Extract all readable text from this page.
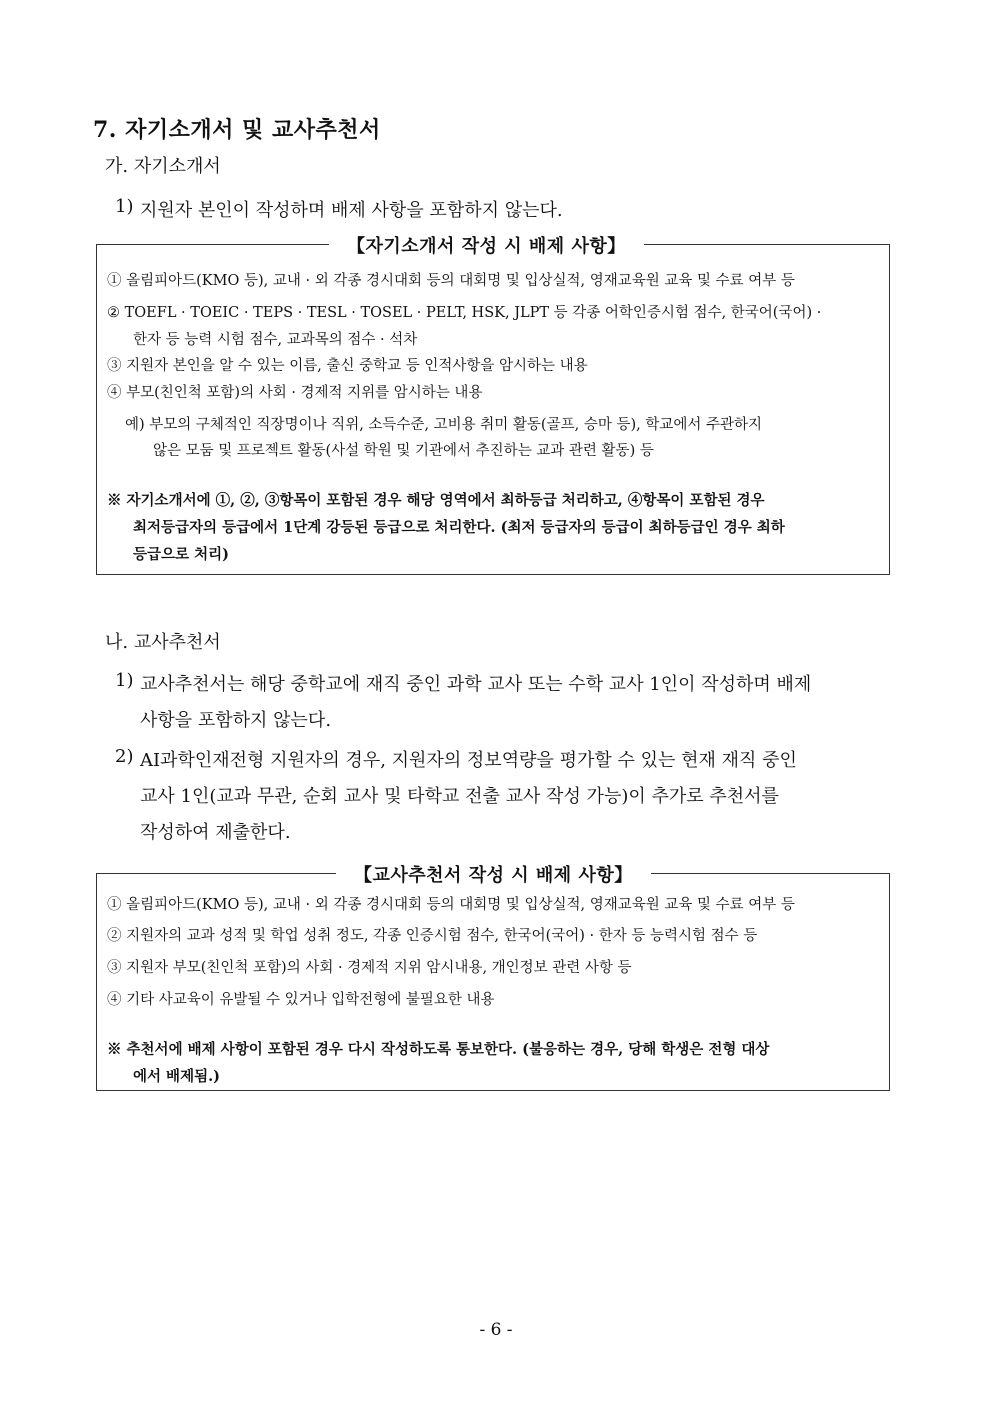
7. 자기소개서 및 교사추천서
가. 자기소개서
1) 지원자 본인이 작성하며 배제 사항을 포함하지 않는다.
【자기소개서 작성 시 배제 사항】
① 올림피아드(KMO 등), 교내 · 외 각종 경시대회 등의 대회명 및 입상실적, 영재교육원 교육 및 수료 여부 등
② TOEFL · TOEIC · TEPS · TESL · TOSEL · PELT, HSK, JLPT 등 각종 어학인증시험 점수, 한국어(국어) ·
한자 등 능력 시험 점수, 교과목의 점수 · 석차
③ 지원자 본인을 알 수 있는 이름, 출신 중학교 등 인적사항을 암시하는 내용
④ 부모(친인척 포함)의 사회 · 경제적 지위를 암시하는 내용
예) 부모의 구체적인 직장명이나 직위, 소득수준, 고비용 취미 활동(골프, 승마 등), 학교에서 주관하지
않은 모둠 및 프로젝트 활동(사설 학원 및 기관에서 추진하는 교과 관련 활동) 등
※ 자기소개서에 ①, ②, ③항목이 포함된 경우 해당 영역에서 최하등급 처리하고, ④항목이 포함된 경우
최저등급자의 등급에서 1단계 강등된 등급으로 처리한다. (최저 등급자의 등급이 최하등급인 경우 최하
등급으로 처리)
나. 교사추천서
1) 교사추천서는 해당 중학교에 재직 중인 과학 교사 또는 수학 교사 1인이 작성하며 배제
사항을 포함하지 않는다.
2) AI과학인재전형 지원자의 경우, 지원자의 정보역량을 평가할 수 있는 현재 재직 중인
교사 1인(교과 무관, 순회 교사 및 타학교 전출 교사 작성 가능)이 추가로 추천서를
작성하여 제출한다.
【교사추천서 작성 시 배제 사항】
① 올림피아드(KMO 등), 교내 · 외 각종 경시대회 등의 대회명 및 입상실적, 영재교육원 교육 및 수료 여부 등
② 지원자의 교과 성적 및 학업 성취 정도, 각종 인증시험 점수, 한국어(국어) · 한자 등 능력시험 점수 등
③ 지원자 부모(친인척 포함)의 사회 · 경제적 지위 암시내용, 개인정보 관련 사항 등
④ 기타 사교육이 유발될 수 있거나 입학전형에 불필요한 내용
※ 추천서에 배제 사항이 포함된 경우 다시 작성하도록 통보한다. (불응하는 경우, 당해 학생은 전형 대상
에서 배제됨.)
- 6 -
